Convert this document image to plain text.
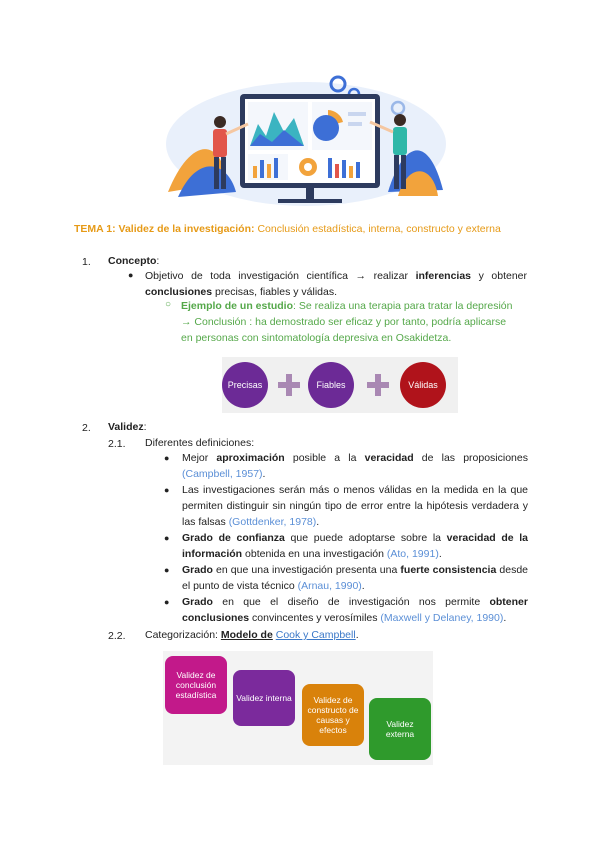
TEMA 1: Validez de la investigación: Conclusión estadística, interna, constructo y externa
1. Concepto:
● Objetivo de toda investigación científica → realizar inferencias y obtener conclusiones precisas, fiables y válidas.
○ Ejemplo de un estudio: Se realiza una terapia para tratar la depresión
→ Conclusión : ha demostrado ser eficaz y por tanto, podría aplicarse
en personas con sintomatología depresiva en Osakidetza.
Precisas	Fiables	Válidas
2. Validez:
2.1. Diferentes definiciones:
● Mejor aproximación posible a la veracidad de las proposiciones (Campbell, 1957).
● Las investigaciones serán más o menos válidas en la medida en la que permiten distinguir sin ningún tipo de error entre la hipótesis verdadera y las falsas (Gottdenker, 1978).
● Grado de confianza que puede adoptarse sobre la veracidad de la información obtenida en una investigación (Ato, 1991).
● Grado en que una investigación presenta una fuerte consistencia desde el punto de vista técnico (Arnau, 1990).
● Grado en que el diseño de investigación nos permite obtener conclusiones convincentes y verosímiles (Maxwell y Delaney, 1990).
2.2. Categorización: Modelo de Cook y Campbell.
Validez de conclusión estadística	Validez interna	Validez de constructo de causas y efectos
Validez externa
